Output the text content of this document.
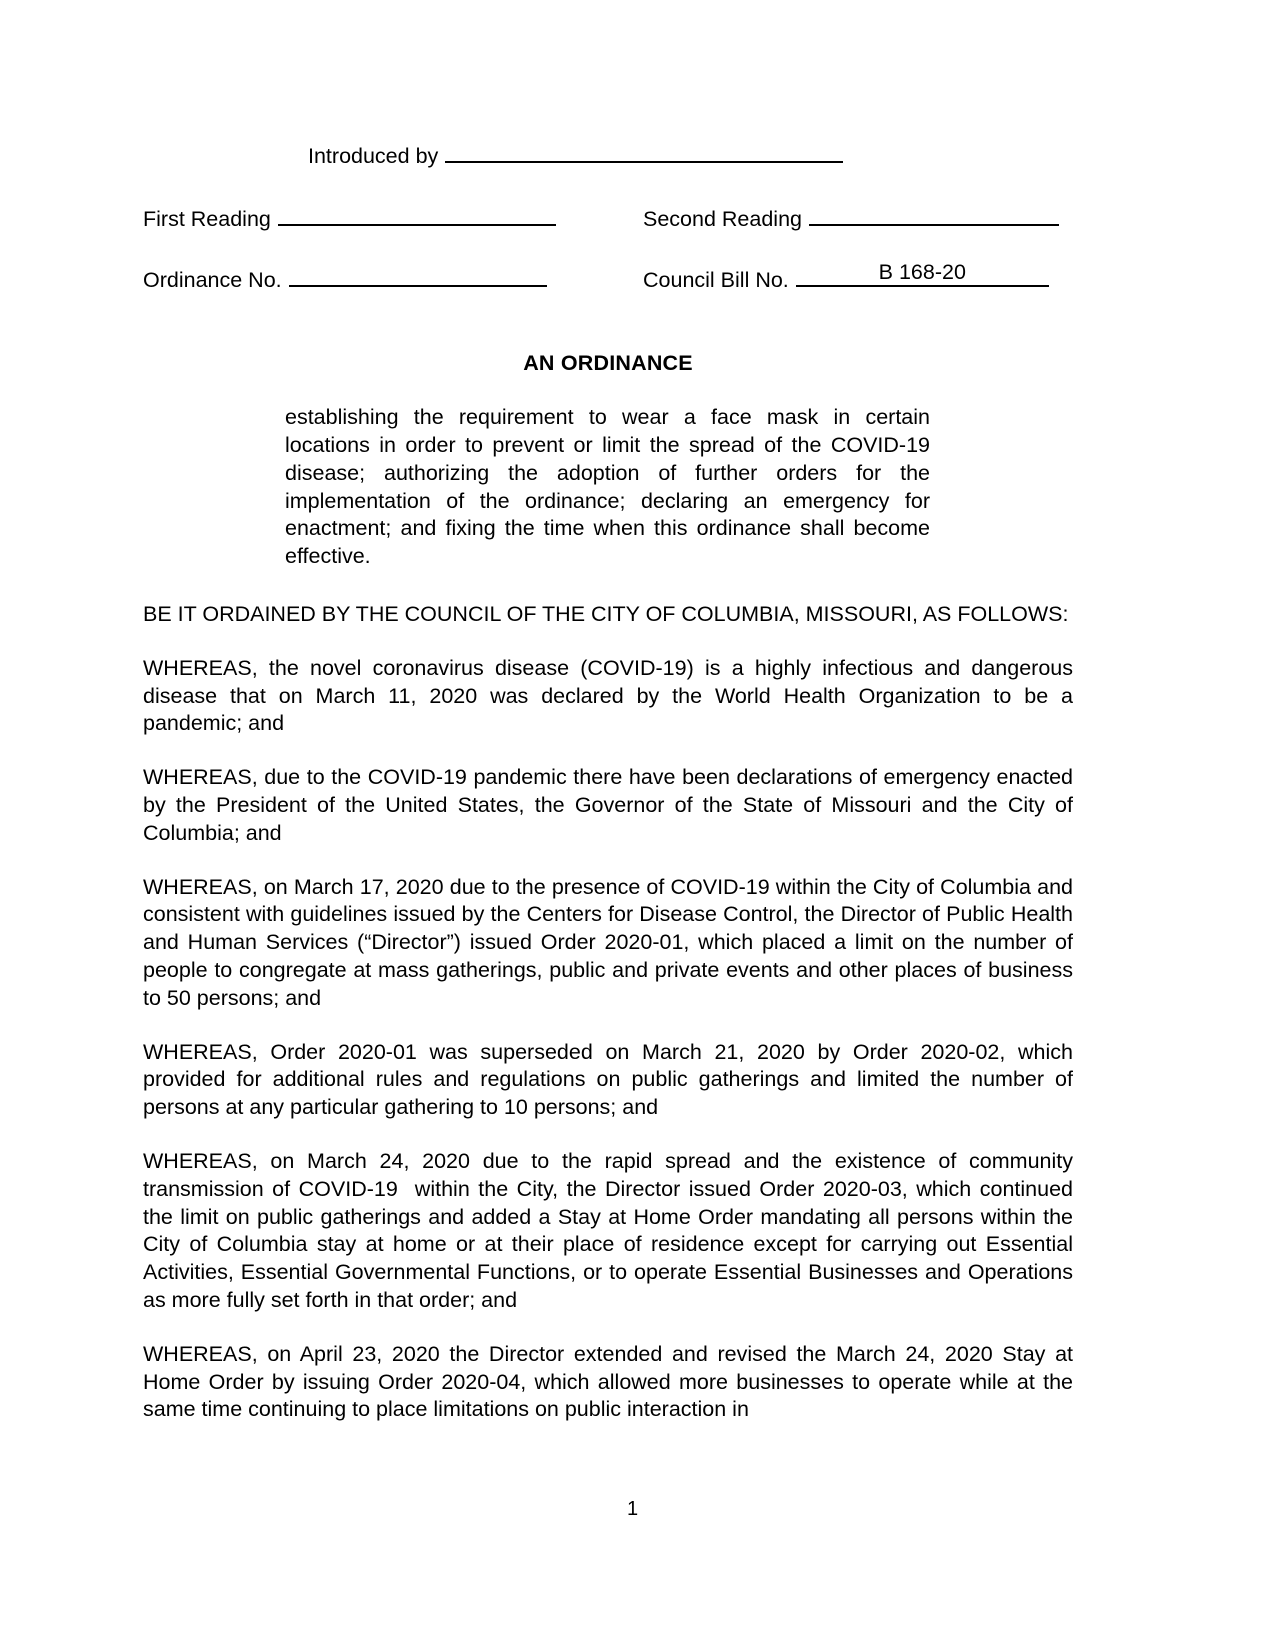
Introduced by
First Reading	Second Reading
Ordinance No.	Council Bill No.	B 168-20
AN ORDINANCE
establishing the requirement to wear a face mask in certain locations in order to prevent or limit the spread of the COVID-19 disease; authorizing the adoption of further orders for the implementation of the ordinance; declaring an emergency for enactment; and fixing the time when this ordinance shall become effective.
BE IT ORDAINED BY THE COUNCIL OF THE CITY OF COLUMBIA, MISSOURI, AS FOLLOWS:
WHEREAS, the novel coronavirus disease (COVID-19) is a highly infectious and dangerous disease that on March 11, 2020 was declared by the World Health Organization to be a pandemic; and
WHEREAS, due to the COVID-19 pandemic there have been declarations of emergency enacted by the President of the United States, the Governor of the State of Missouri and the City of Columbia; and
WHEREAS, on March 17, 2020 due to the presence of COVID-19 within the City of Columbia and consistent with guidelines issued by the Centers for Disease Control, the Director of Public Health and Human Services (“Director”) issued Order 2020-01, which placed a limit on the number of people to congregate at mass gatherings, public and private events and other places of business to 50 persons; and
WHEREAS, Order 2020-01 was superseded on March 21, 2020 by Order 2020-02, which provided for additional rules and regulations on public gatherings and limited the number of persons at any particular gathering to 10 persons; and
WHEREAS, on March 24, 2020 due to the rapid spread and the existence of community transmission of COVID-19  within the City, the Director issued Order 2020-03, which continued the limit on public gatherings and added a Stay at Home Order mandating all persons within the City of Columbia stay at home or at their place of residence except for carrying out Essential Activities, Essential Governmental Functions, or to operate Essential Businesses and Operations as more fully set forth in that order; and
WHEREAS, on April 23, 2020 the Director extended and revised the March 24, 2020 Stay at Home Order by issuing Order 2020-04, which allowed more businesses to operate while at the same time continuing to place limitations on public interaction in
1
